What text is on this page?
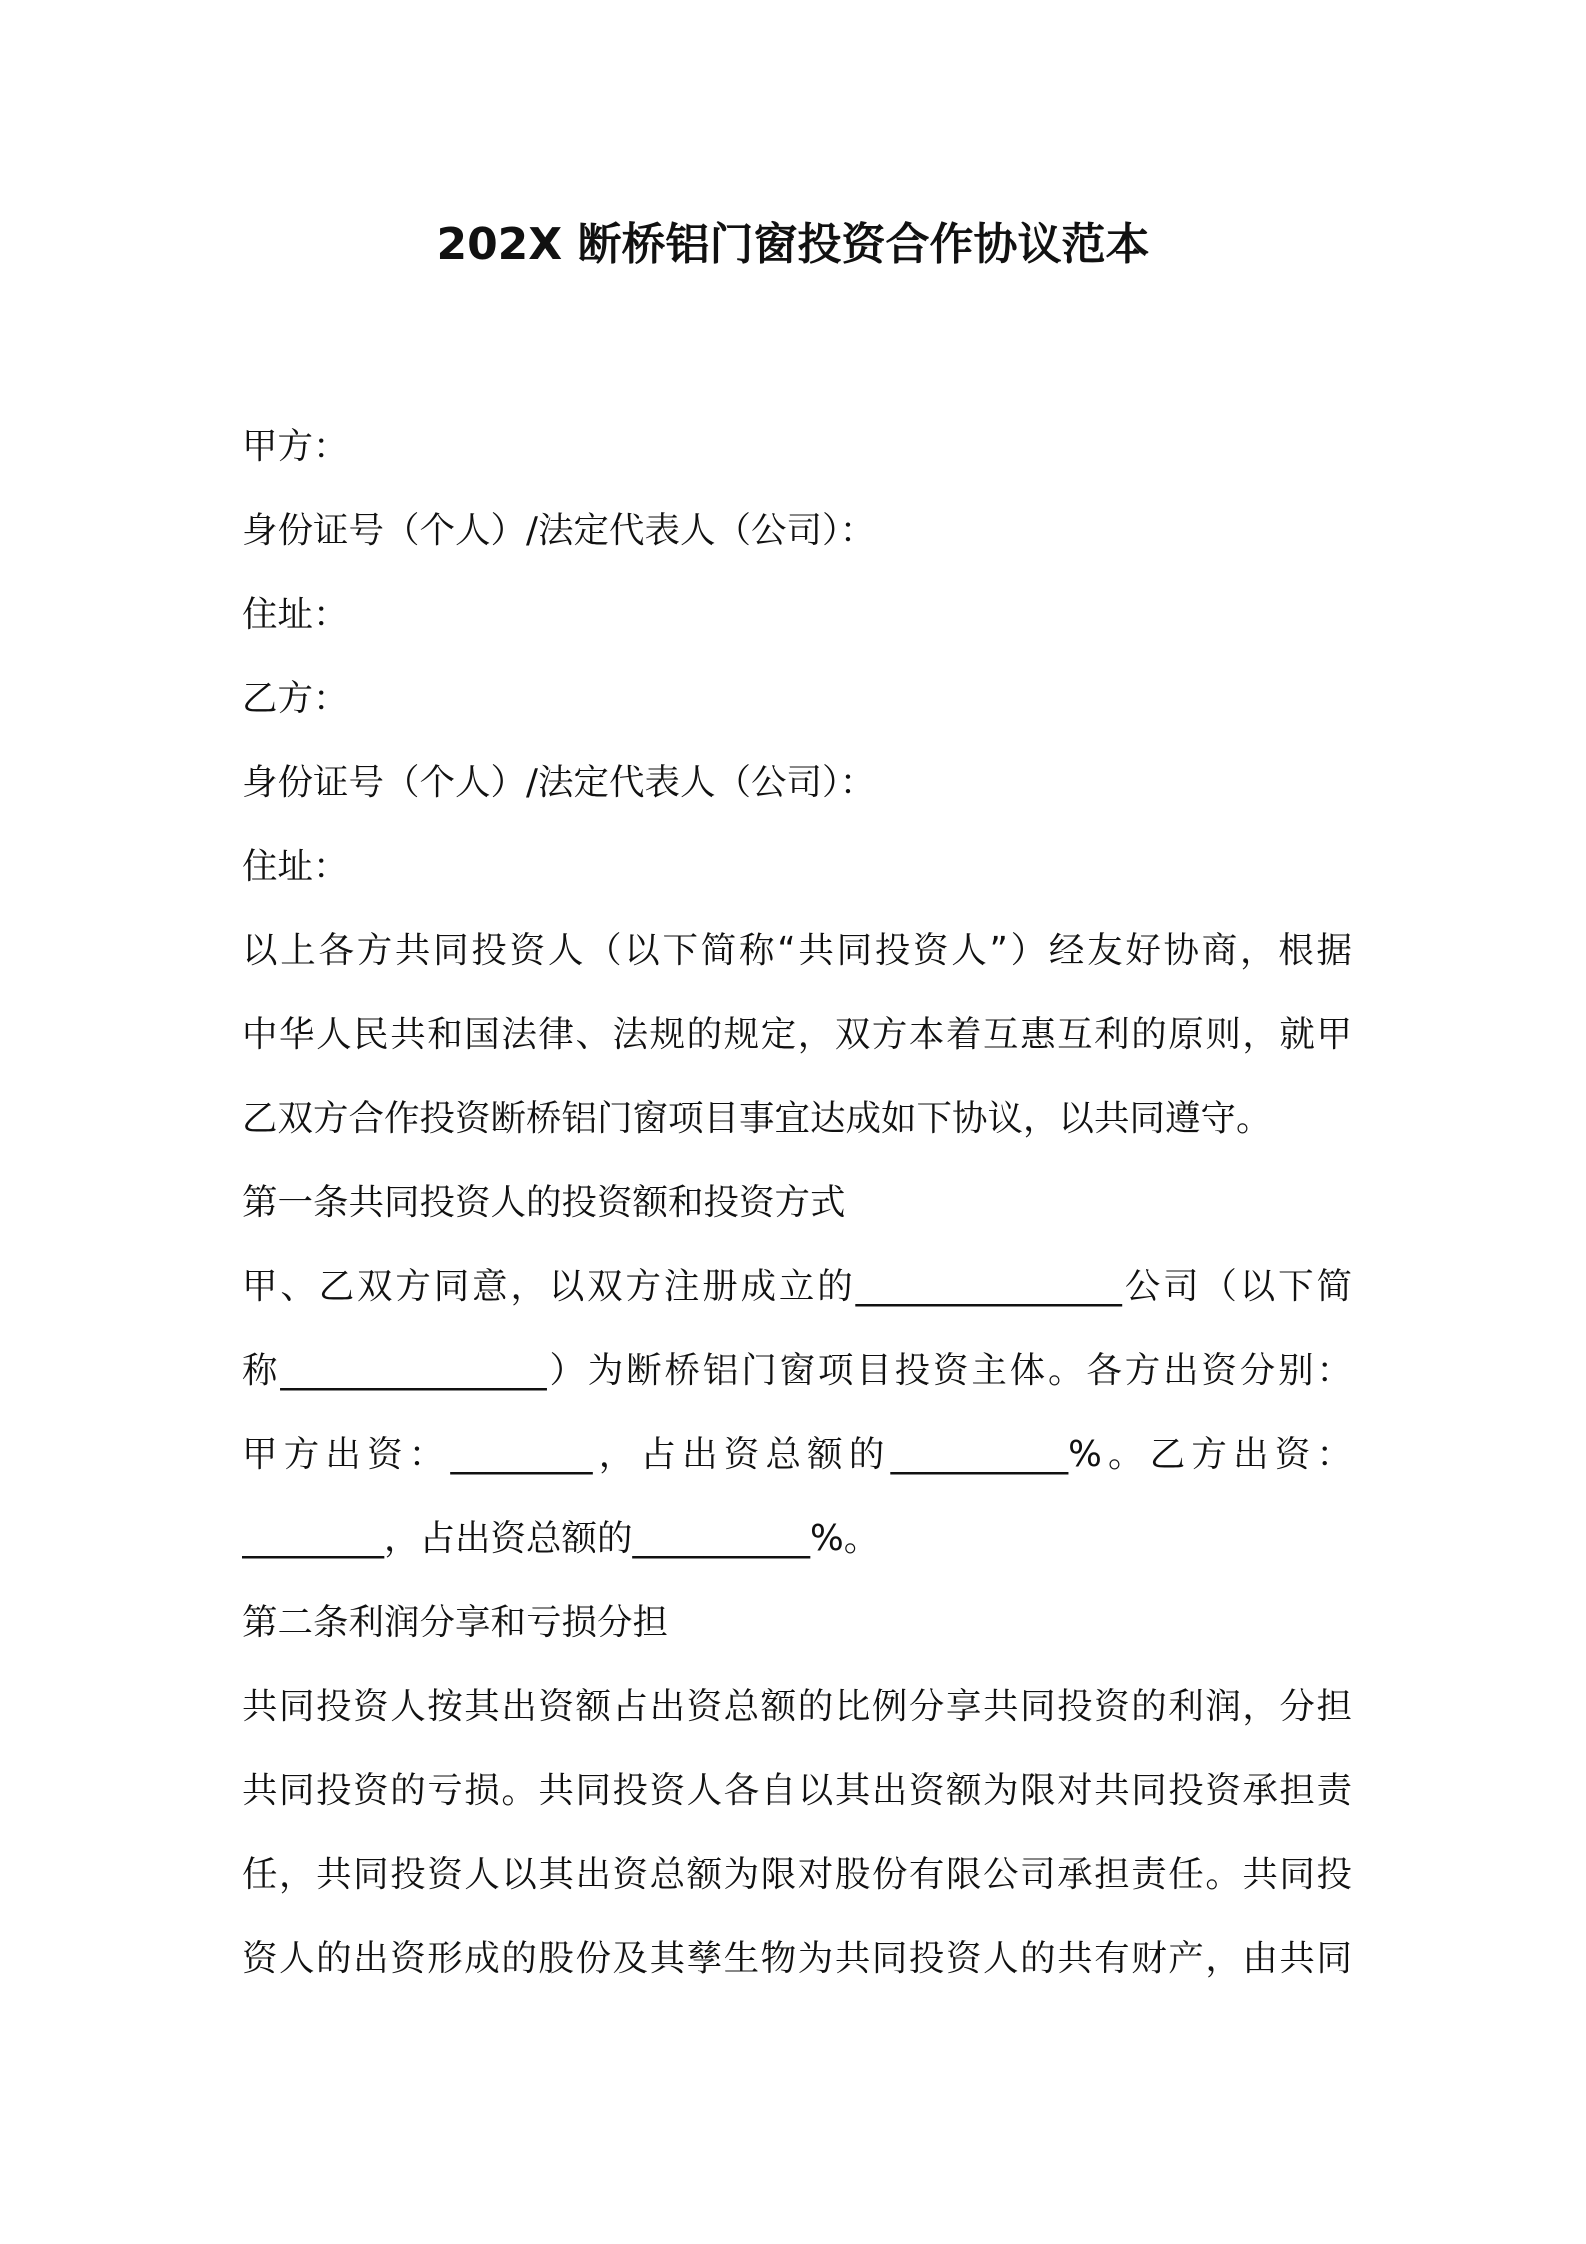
202X 断桥铝门窗投资合作协议范本
甲方：
身份证号（个人）/法定代表人（公司）：
住址：
乙方：
身份证号（个人）/法定代表人（公司）：
住址：
以上各方共同投资人（以下简称“共同投资人”）经友好协商，根据
中华人民共和国法律、法规的规定，双方本着互惠互利的原则，就甲
乙双方合作投资断桥铝门窗项目事宜达成如下协议，以共同遵守。
第一条共同投资人的投资额和投资方式
甲、乙双方同意，以双方注册成立的_______________公司（以下简
称_______________）为断桥铝门窗项目投资主体。各方出资分别：
甲方出资：________，占出资总额的__________%。乙方出资：
________，占出资总额的__________%。
第二条利润分享和亏损分担
共同投资人按其出资额占出资总额的比例分享共同投资的利润，分担
共同投资的亏损。共同投资人各自以其出资额为限对共同投资承担责
任，共同投资人以其出资总额为限对股份有限公司承担责任。共同投
资人的出资形成的股份及其孳生物为共同投资人的共有财产，由共同
